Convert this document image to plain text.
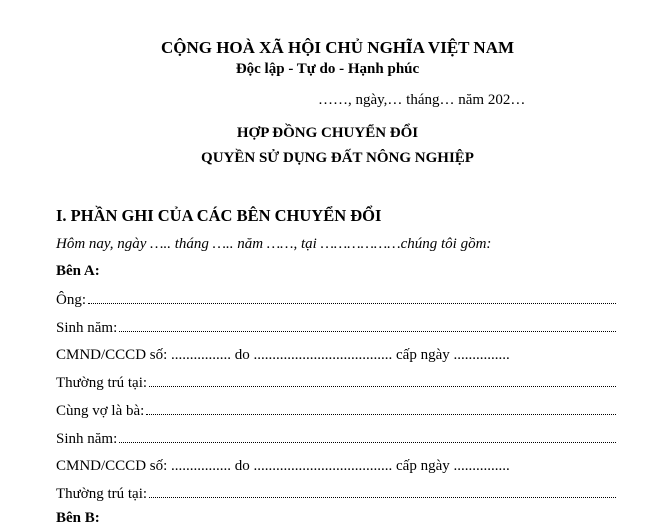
CỘNG HOÀ XÃ HỘI CHỦ NGHĨA VIỆT NAM
Độc lập - Tự do - Hạnh phúc
……, ngày,… tháng… năm 202…
HỢP ĐỒNG CHUYỂN ĐỔI
QUYỀN SỬ DỤNG ĐẤT NÔNG NGHIỆP
I. PHẦN GHI CỦA CÁC BÊN CHUYỂN ĐỔI
Hôm nay, ngày ….. tháng ….. năm ……, tại ………………chúng tôi gồm:
Bên A:
Ông:
Sinh năm:
CMND/CCCD số: ................ do ..................................... cấp ngày ...............
Thường trú tại:
Cùng vợ là bà:
Sinh năm:
CMND/CCCD số: ................ do ..................................... cấp ngày ...............
Thường trú tại:
Bên B:
